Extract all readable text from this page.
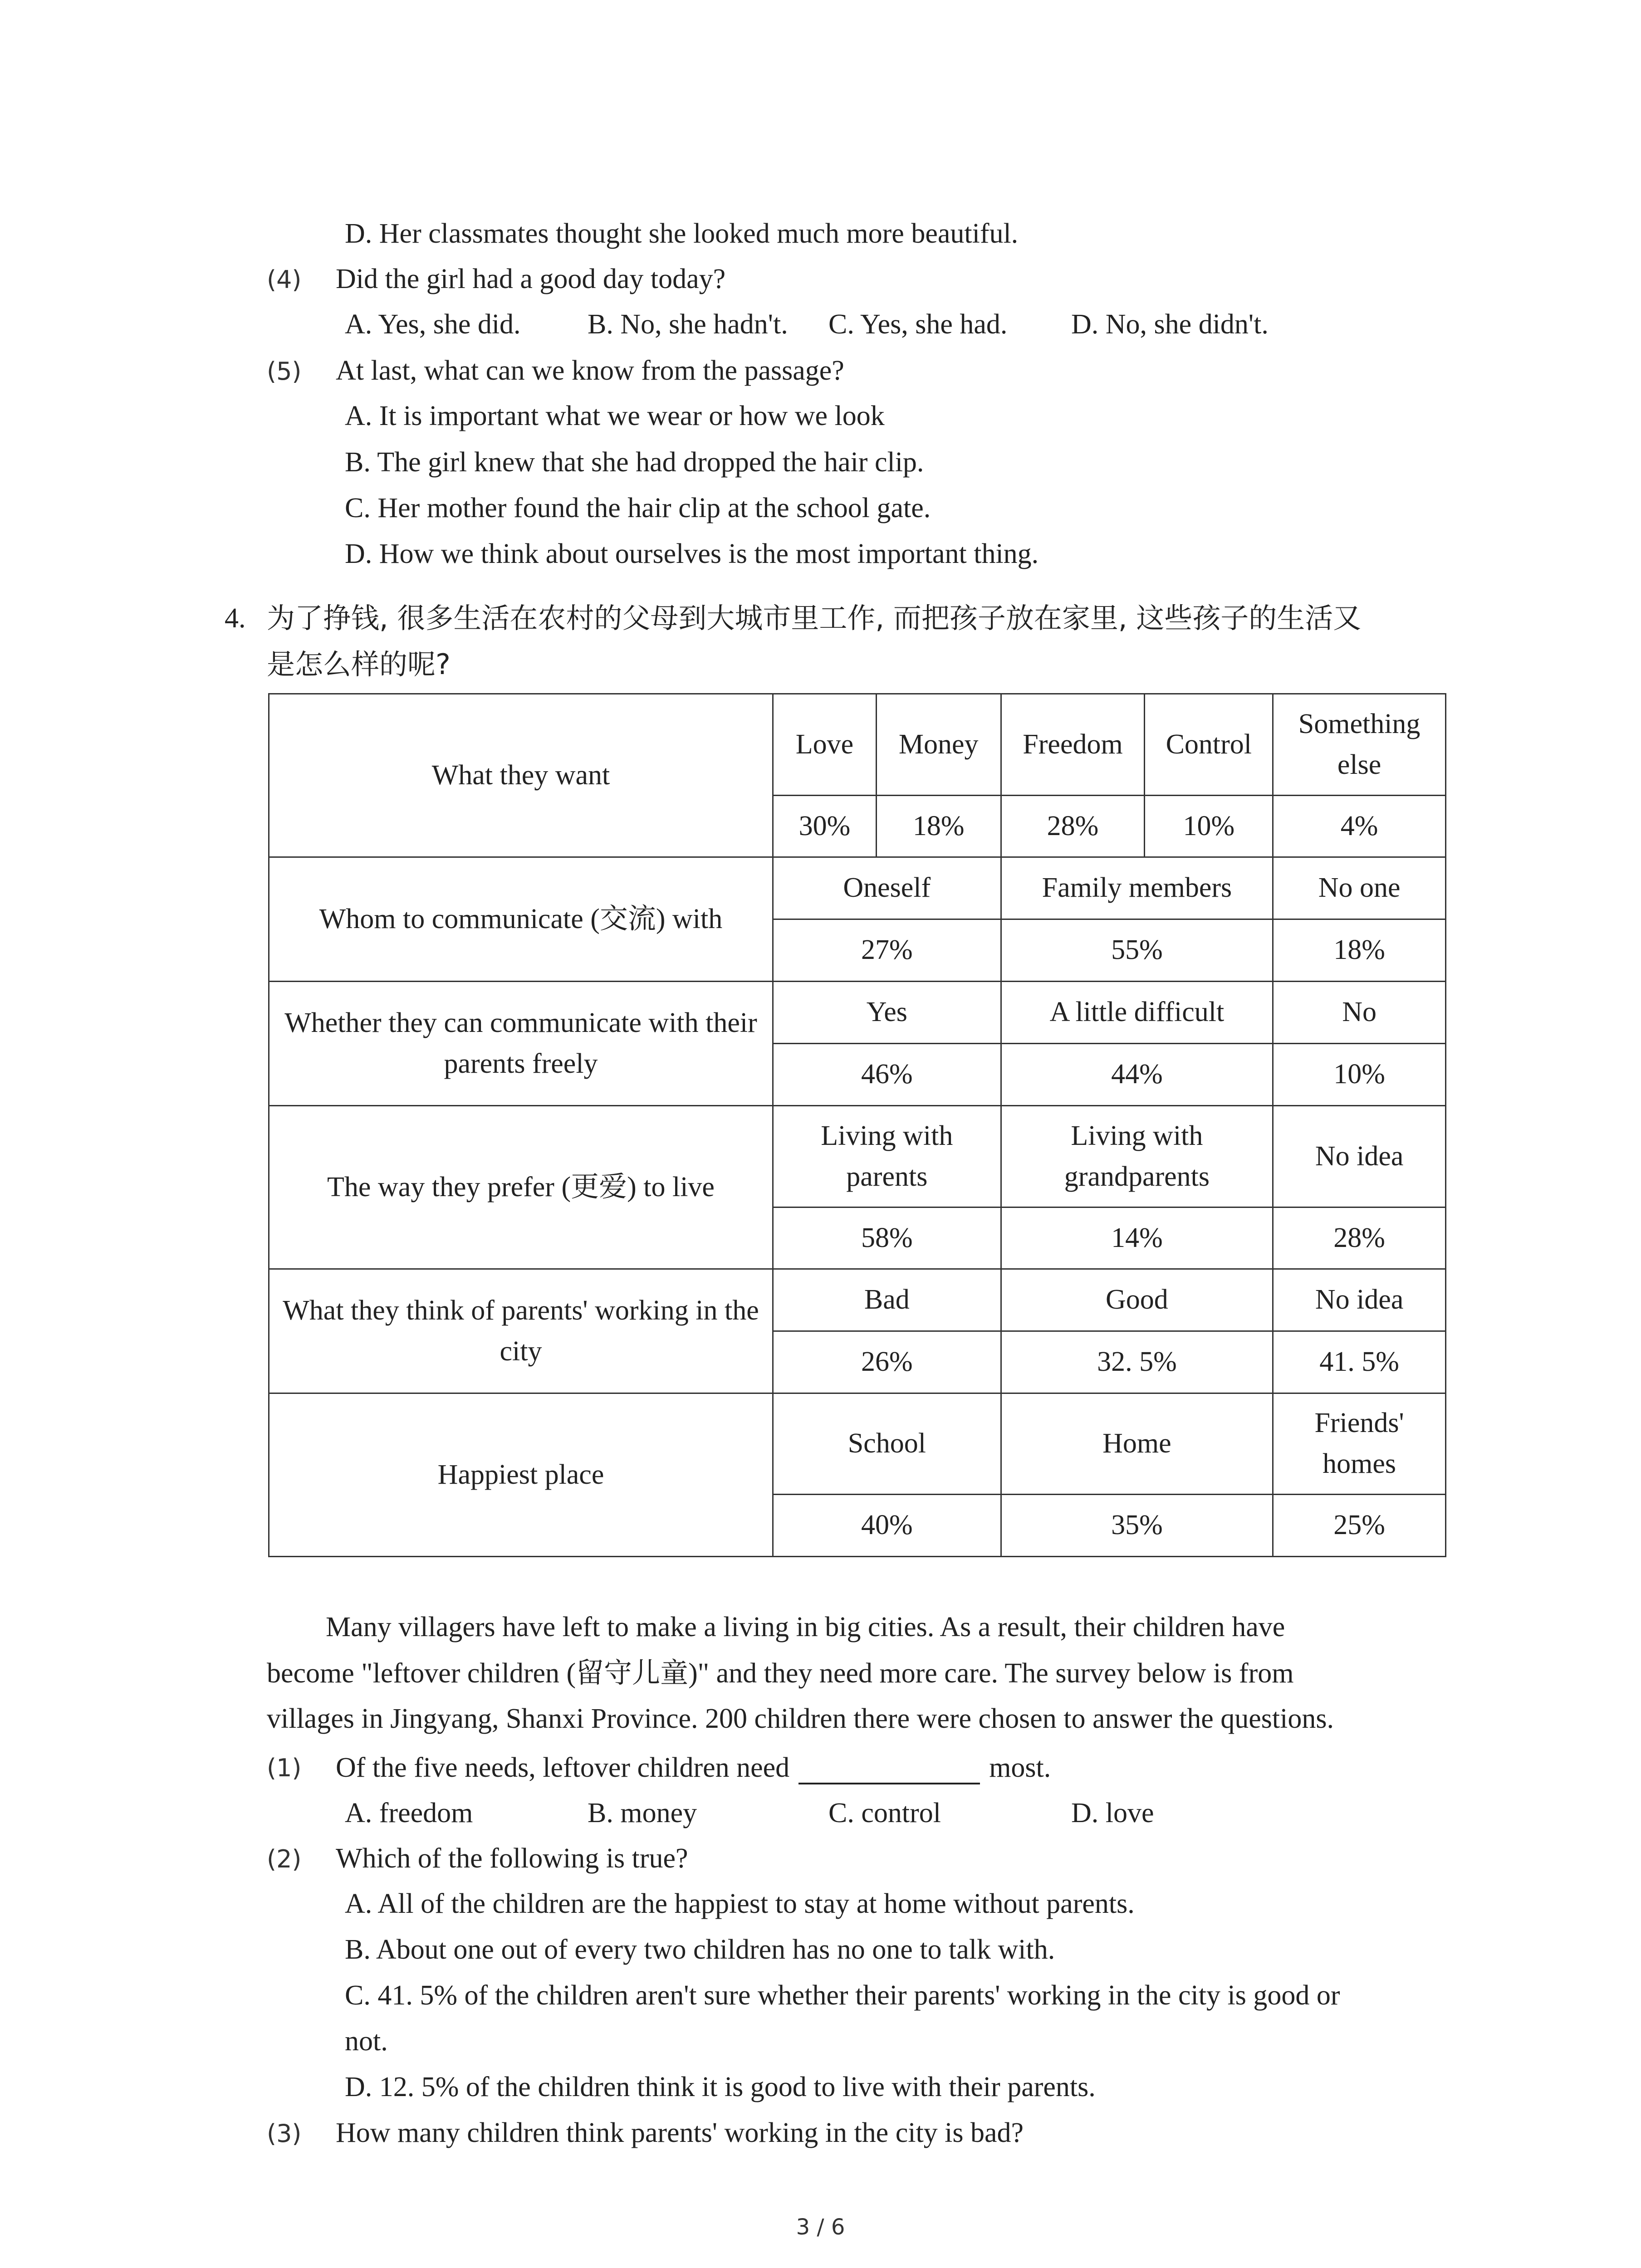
D. Her classmates thought she looked much more beautiful.
(4) Did the girl had a good day today?
A. Yes, she did. B. No, she hadn't. C. Yes, she had. D. No, she didn't.
(5) At last, what can we know from the passage?
A. It is important what we wear or how we look
B. The girl knew that she had dropped the hair clip.
C. Her mother found the hair clip at the school gate.
D. How we think about ourselves is the most important thing.
4. 为了挣钱, 很多生活在农村的父母到大城市里工作, 而把孩子放在家里, 这些孩子的生活又
是怎么样的呢?
What they want	Love	Money	Freedom	Control	Something else
	30%	18%	28%	10%	4%
Whom to communicate (交流) with	Oneself		Family members		No one
	27%		55%		18%
Whether they can communicate with their parents freely	Yes		A little difficult		No
	46%		44%		10%
The way they prefer (更爱) to live	Living with parents		Living with grandparents		No idea
	58%		14%		28%
What they think of parents' working in the city	Bad		Good		No idea
	26%		32. 5%		41. 5%
Happiest place	School		Home		Friends' homes
	40%		35%		25%
Many villagers have left to make a living in big cities. As a result, their children have
become "leftover children (留守儿童)" and they need more care. The survey below is from
villages in Jingyang, Shanxi Province. 200 children there were chosen to answer the questions.
(1) Of the five needs, leftover children need	most.
A. freedom	B. money	C. control	D. love
(2) Which of the following is true?
A. All of the children are the happiest to stay at home without parents.
B. About one out of every two children has no one to talk with.
C. 41. 5% of the children aren't sure whether their parents' working in the city is good or
not.
D. 12. 5% of the children think it is good to live with their parents.
(3) How many children think parents' working in the city is bad?
3 / 6
